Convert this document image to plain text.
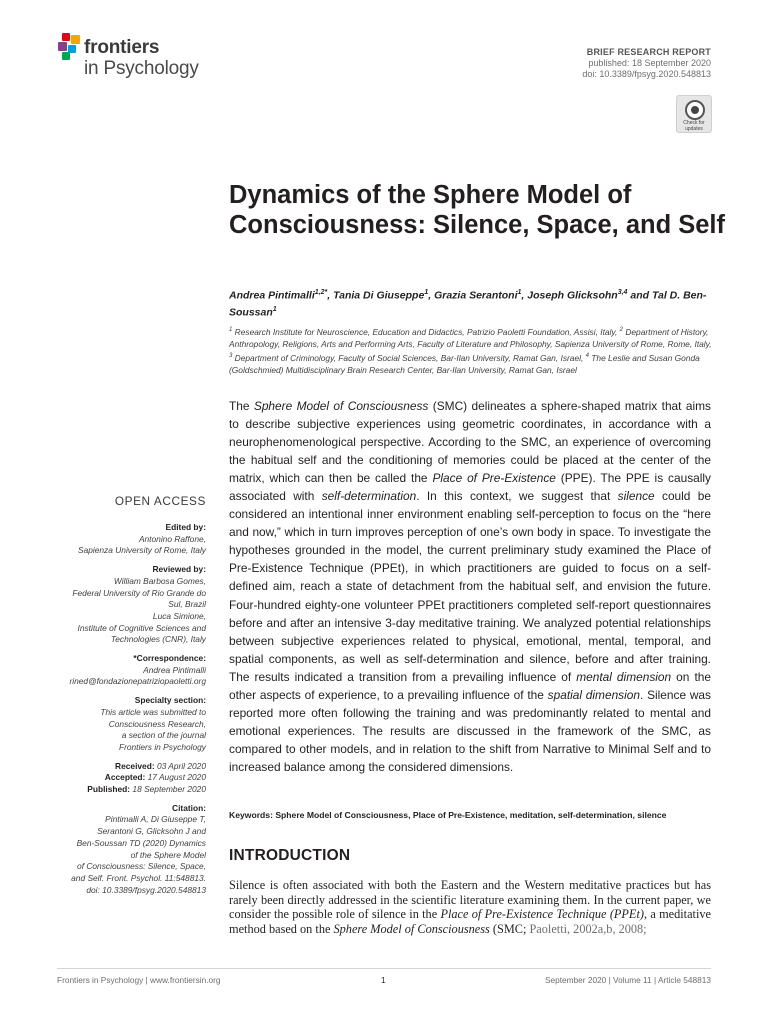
frontiers
in Psychology
BRIEF RESEARCH REPORT
published: 18 September 2020
doi: 10.3389/fpsyg.2020.548813
Check for updates
Dynamics of the Sphere Model of Consciousness: Silence, Space, and Self
Andrea Pintimalli$^{1,2*}$, Tania Di Giuseppe$^1$, Grazia Serantoni$^1$, Joseph Glicksohn$^{3,4}$ and Tal D. Ben-Soussan$^1$
$^1$ Research Institute for Neuroscience, Education and Didactics, Patrizio Paoletti Foundation, Assisi, Italy, $^2$ Department of History, Anthropology, Religions, Arts and Performing Arts, Faculty of Literature and Philosophy, Sapienza University of Rome, Rome, Italy, $^3$ Department of Criminology, Faculty of Social Sciences, Bar-Ilan University, Ramat Gan, Israel, $^4$ The Leslie and Susan Gonda (Goldschmied) Multidisciplinary Brain Research Center, Bar-Ilan University, Ramat Gan, Israel
OPEN ACCESS
Edited by:
Antonino Raffone,
Sapienza University of Rome, Italy
Reviewed by:
William Barbosa Gomes,
Federal University of Rio Grande do
Sul, Brazil
Luca Simione,
Institute of Cognitive Sciences and
Technologies (CNR), Italy
*Correspondence:
Andrea Pintimalli
rined@fondazionepatriziopaoletti.org
Specialty section:
This article was submitted to
Consciousness Research,
a section of the journal
Frontiers in Psychology
Received: 03 April 2020
Accepted: 17 August 2020
Published: 18 September 2020
Citation:
Pintimalli A, Di Giuseppe T,
Serantoni G, Glicksohn J and
Ben-Soussan TD (2020) Dynamics
of the Sphere Model
of Consciousness: Silence, Space,
and Self. Front. Psychol. 11:548813.
doi: 10.3389/fpsyg.2020.548813

The Sphere Model of Consciousness (SMC) delineates a sphere-shaped matrix that aims to describe subjective experiences using geometric coordinates, in accordance with a neurophenomenological perspective. According to the SMC, an experience of overcoming the habitual self and the conditioning of memories could be placed at the center of the matrix, which can then be called the Place of Pre-Existence (PPE). The PPE is causally associated with self-determination. In this context, we suggest that silence could be considered an intentional inner environment enabling self-perception to focus on the “here and now,” which in turn improves perception of one’s own body in space. To investigate the hypotheses grounded in the model, the current preliminary study examined the Place of Pre-Existence Technique (PPEt), in which practitioners are guided to focus on a self-defined aim, reach a state of detachment from the habitual self, and envision the future. Four-hundred eighty-one volunteer PPEt practitioners completed self-report questionnaires before and after an intensive 3-day meditative training. We analyzed potential relationships between subjective experiences related to physical, emotional, mental, temporal, and spatial components, as well as self-determination and silence, before and after training. The results indicated a transition from a prevailing influence of mental dimension on the other aspects of experience, to a prevailing influence of the spatial dimension. Silence was reported more often following the training and was predominantly related to mental and emotional experiences. The results are discussed in the framework of the SMC, as compared to other models, and in relation to the shift from Narrative to Minimal Self and to increased balance among the considered dimensions.

Keywords: Sphere Model of Consciousness, Place of Pre-Existence, meditation, self-determination, silence
INTRODUCTION

Silence is often associated with both the Eastern and the Western meditative practices but has rarely been directly addressed in the scientific literature examining them. In the current paper, we consider the possible role of silence in the Place of Pre-Existence Technique (PPEt), a meditative method based on the Sphere Model of Consciousness (SMC; Paoletti, 2002a,b, 2008;

Frontiers in Psychology | www.frontiersin.org	1	September 2020 | Volume 11 | Article 548813
